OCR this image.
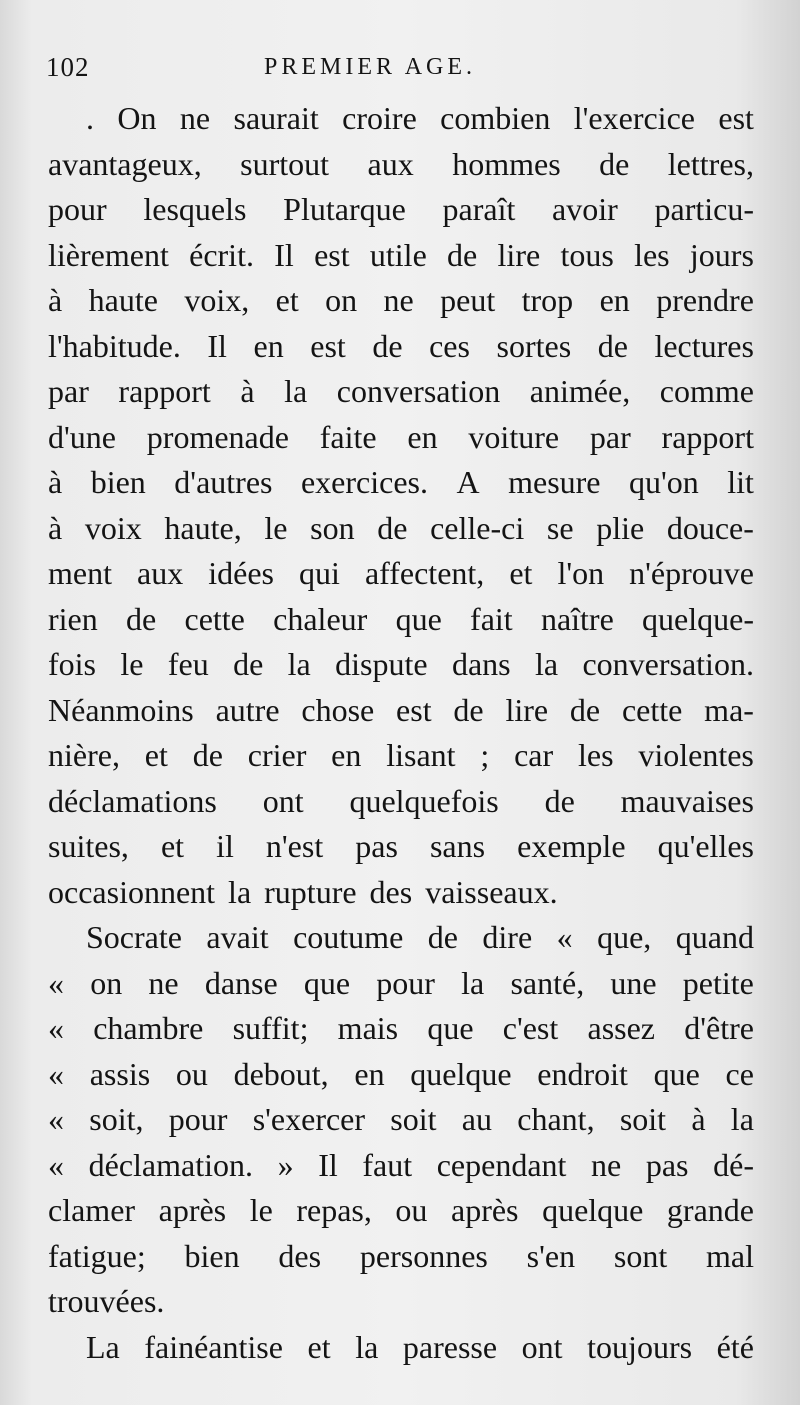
102	PREMIER AGE.
. On ne saurait croire combien l'exercice est
avantageux, surtout aux hommes de lettres,
pour lesquels Plutarque paraît avoir particu-
lièrement écrit. Il est utile de lire tous les jours
à haute voix, et on ne peut trop en prendre
l'habitude. Il en est de ces sortes de lectures
par rapport à la conversation animée, comme
d'une promenade faite en voiture par rapport
à bien d'autres exercices. A mesure qu'on lit
à voix haute, le son de celle-ci se plie douce-
ment aux idées qui affectent, et l'on n'éprouve
rien de cette chaleur que fait naître quelque-
fois le feu de la dispute dans la conversation.
Néanmoins autre chose est de lire de cette ma-
nière, et de crier en lisant ; car les violentes
déclamations ont quelquefois de mauvaises
suites, et il n'est pas sans exemple qu'elles
occasionnent la rupture des vaisseaux.
Socrate avait coutume de dire « que, quand
« on ne danse que pour la santé, une petite
« chambre suffit; mais que c'est assez d'être
« assis ou debout, en quelque endroit que ce
« soit, pour s'exercer soit au chant, soit à la
« déclamation. » Il faut cependant ne pas dé-
clamer après le repas, ou après quelque grande
fatigue; bien des personnes s'en sont mal
trouvées.
La fainéantise et la paresse ont toujours été
